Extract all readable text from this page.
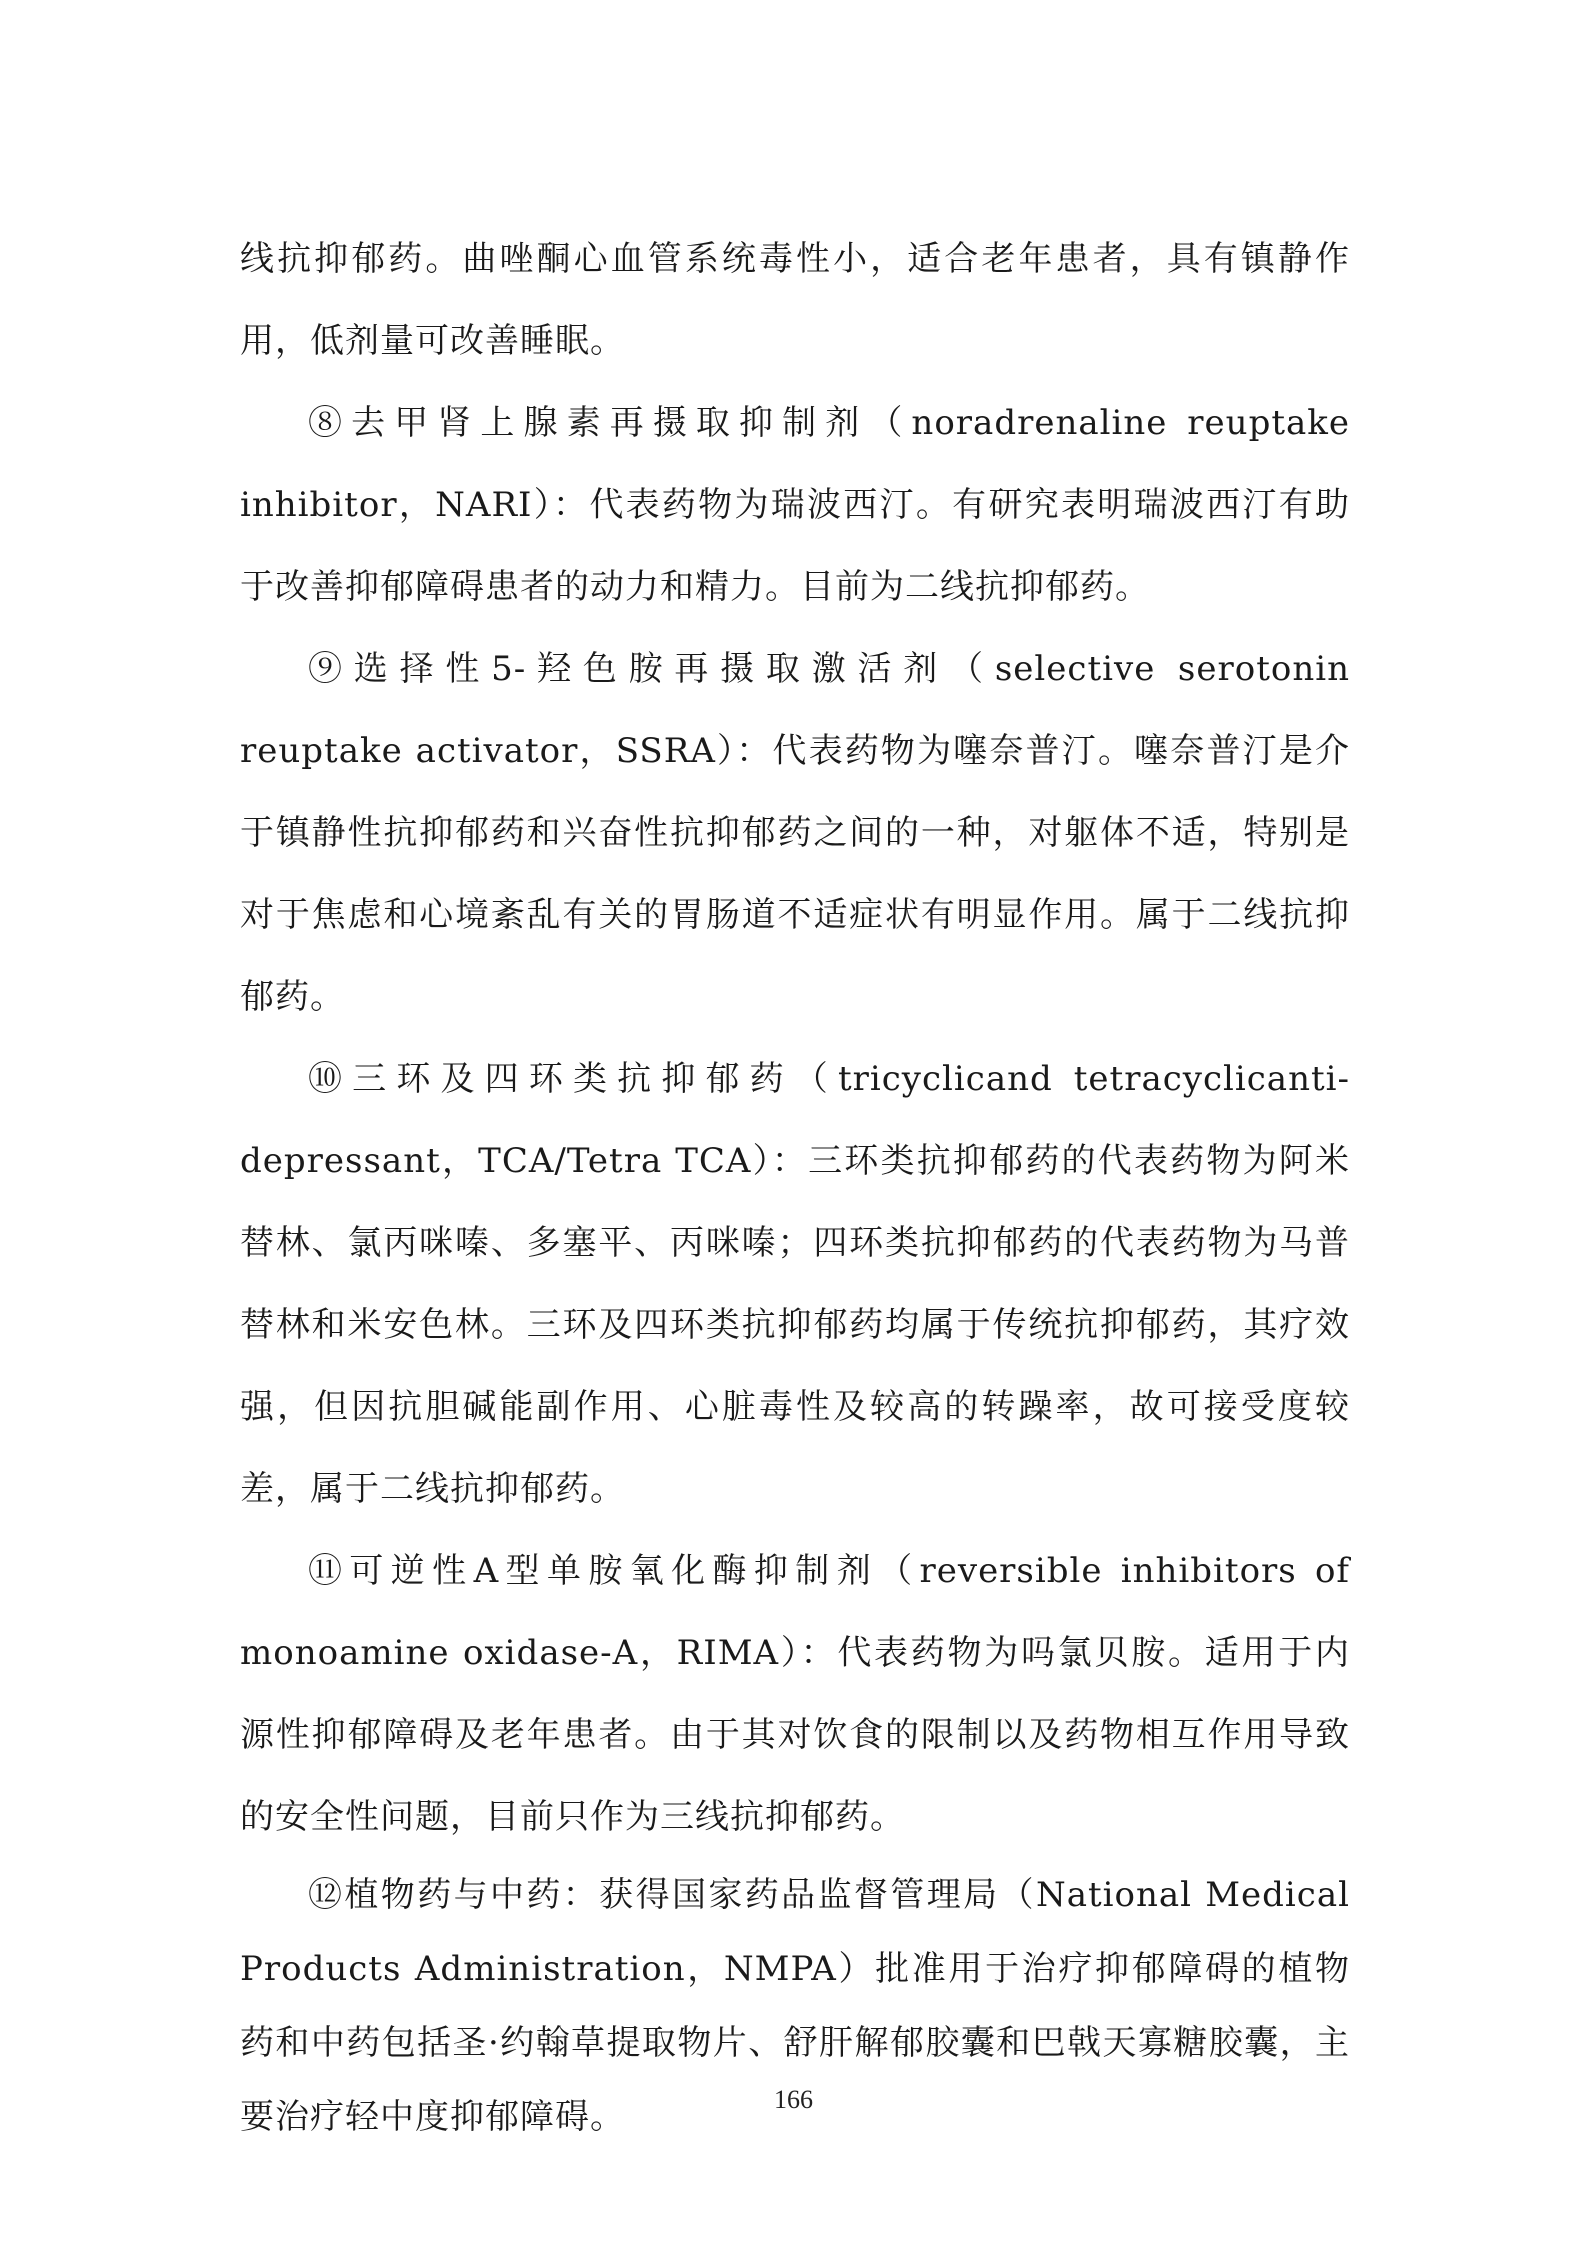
线抗抑郁药。曲唑酮心血管系统毒性小，适合老年患者，具有镇静作用，低剂量可改善睡眠。

⑧去甲肾上腺素再摄取抑制剂（noradrenaline reuptake inhibitor，NARI）：代表药物为瑞波西汀。有研究表明瑞波西汀有助于改善抑郁障碍患者的动力和精力。目前为二线抗抑郁药。

⑨选择性5-羟色胺再摄取激活剂（selective serotonin reuptake activator，SSRA）：代表药物为噻奈普汀。噻奈普汀是介于镇静性抗抑郁药和兴奋性抗抑郁药之间的一种，对躯体不适，特别是对于焦虑和心境紊乱有关的胃肠道不适症状有明显作用。属于二线抗抑郁药。

⑩三环及四环类抗抑郁药（tricyclicand tetracyclicanti-depressant，TCA/Tetra TCA）：三环类抗抑郁药的代表药物为阿米替林、氯丙咪嗪、多塞平、丙咪嗪；四环类抗抑郁药的代表药物为马普替林和米安色林。三环及四环类抗抑郁药均属于传统抗抑郁药，其疗效强，但因抗胆碱能副作用、心脏毒性及较高的转躁率，故可接受度较差，属于二线抗抑郁药。

⑪可逆性A型单胺氧化酶抑制剂（reversible inhibitors of monoamine oxidase-A，RIMA）：代表药物为吗氯贝胺。适用于内源性抑郁障碍及老年患者。由于其对饮食的限制以及药物相互作用导致的安全性问题，目前只作为三线抗抑郁药。

⑫植物药与中药：获得国家药品监督管理局（National Medical Products Administration，NMPA）批准用于治疗抑郁障碍的植物药和中药包括圣·约翰草提取物片、舒肝解郁胶囊和巴戟天寡糖胶囊，主要治疗轻中度抑郁障碍。	166
